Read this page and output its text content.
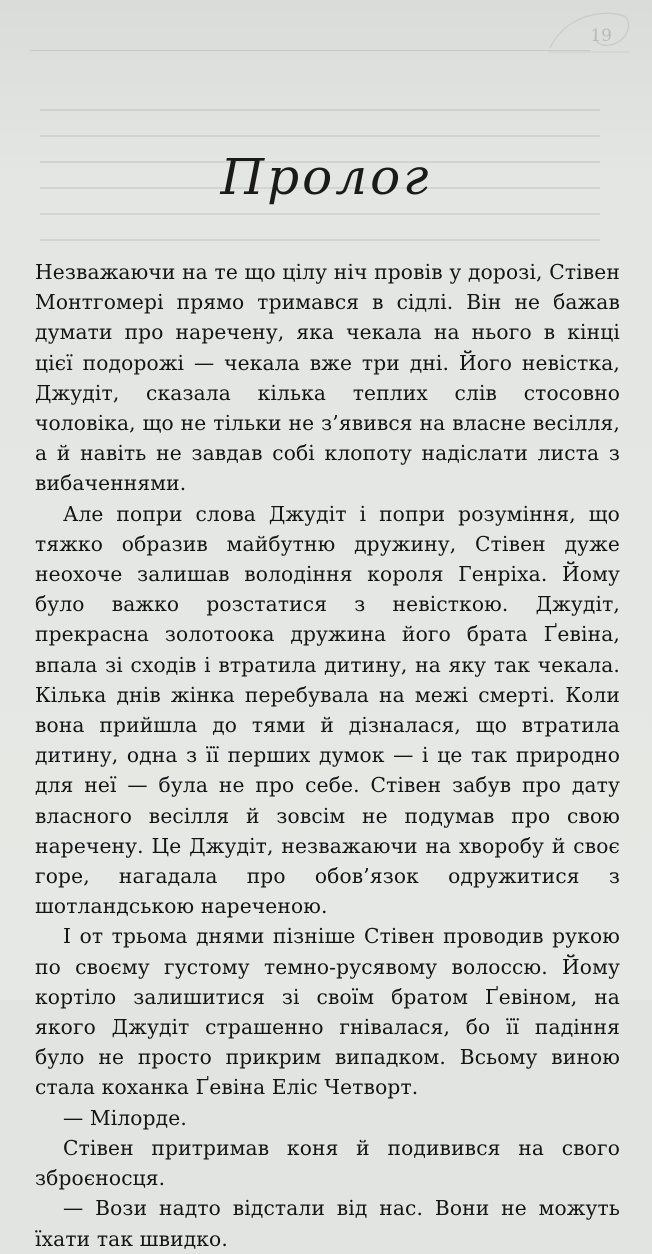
19
Пролог

Незважаючи на те що цілу ніч провів у дорозі, Стівен Монтгомері прямо тримався в сідлі. Він не бажав думати про наречену, яка чекала на нього в кінці цієї подорожі — чекала вже три дні. Його невістка, Джудіт, сказала кілька теплих слів стосовно чоловіка, що не тільки не з’явився на власне весілля, а й навіть не завдав собі клопоту надіслати листа з вибаченнями.

Але попри слова Джудіт і попри розуміння, що тяжко образив майбутню дружину, Стівен дуже неохоче залишав володіння короля Генріха. Йому було важко розстатися з невісткою. Джудіт, прекрасна золотоока дружина його брата Ґевіна, впала зі сходів і втратила дитину, на яку так чекала. Кілька днів жінка перебувала на межі смерті. Коли вона прийшла до тями й дізналася, що втратила дитину, одна з її перших думок — і це так природно для неї — була не про себе. Стівен забув про дату власного весілля й зовсім не подумав про свою наречену. Це Джудіт, незважаючи на хворобу й своє горе, нагадала про обов’язок одружитися з шотландською нареченою.

І от трьома днями пізніше Стівен проводив рукою по своєму густому темно-русявому волоссю. Йому кортіло залишитися зі своїм братом Ґевіном, на якого Джудіт страшенно гнівалася, бо її падіння було не просто прикрим випадком. Всьому виною стала коханка Ґевіна Еліс Четворт.

— Мілорде.

Стівен притримав коня й подивився на свого зброєносця.

— Вози надто відстали від нас. Вони не можуть їхати так швидко.
